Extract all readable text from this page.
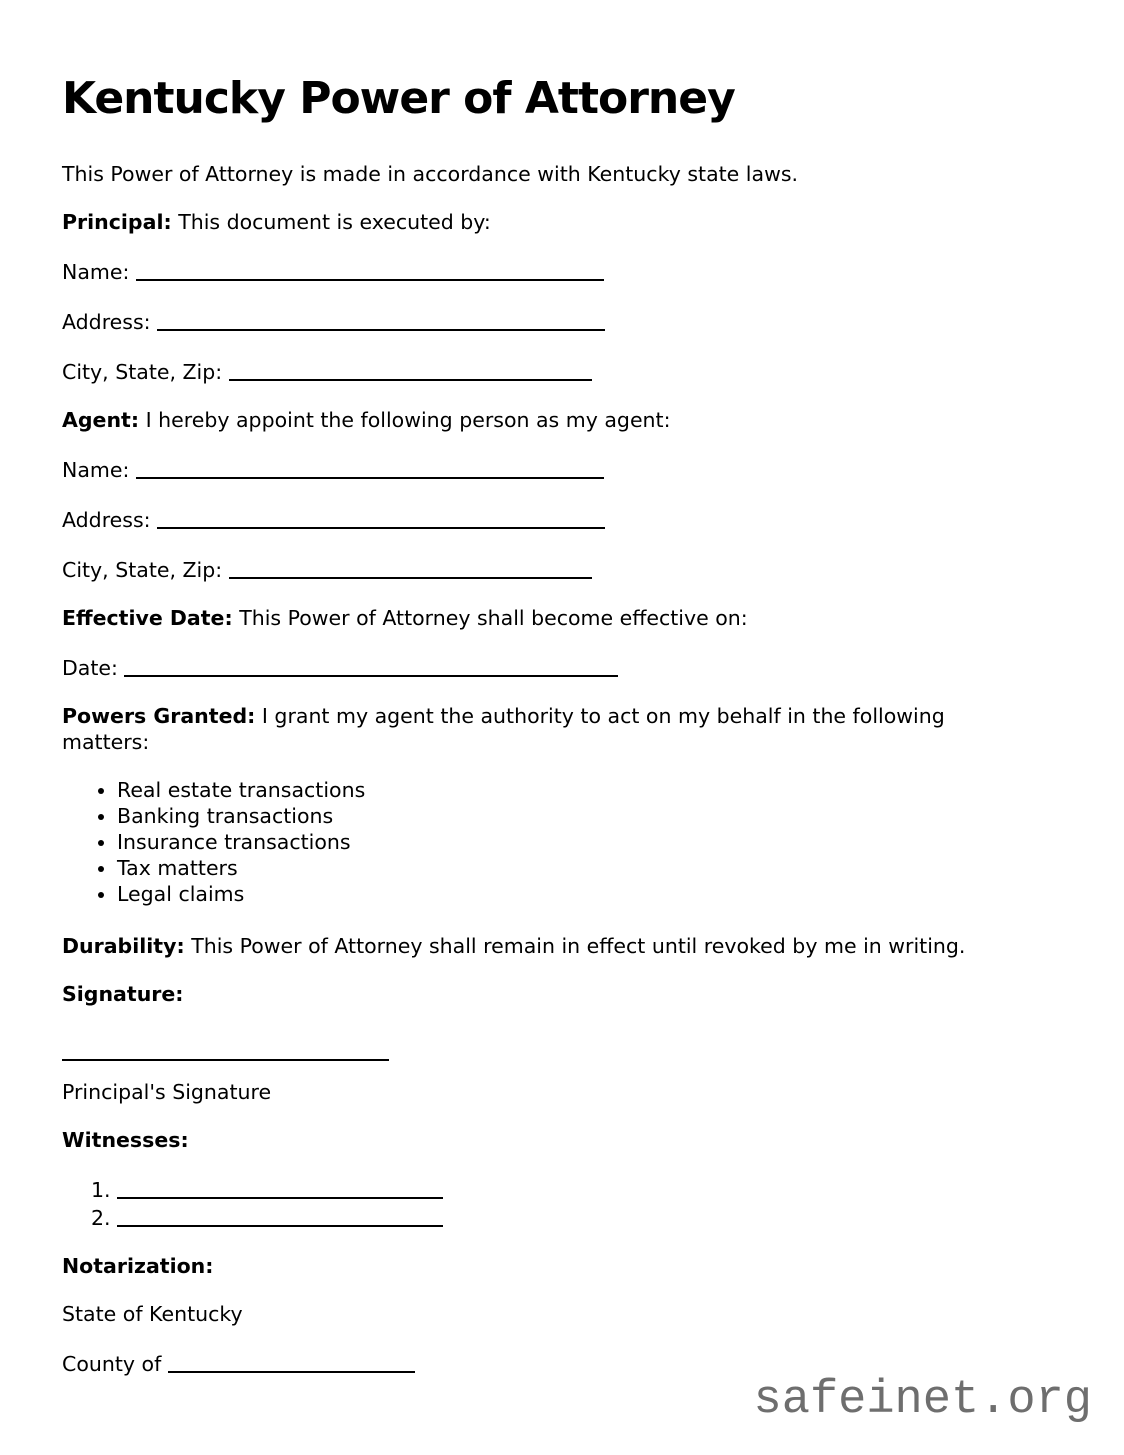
Kentucky Power of Attorney

This Power of Attorney is made in accordance with Kentucky state laws.

Principal: This document is executed by:

Name:

Address:

City, State, Zip:

Agent: I hereby appoint the following person as my agent:

Name:

Address:

City, State, Zip:

Effective Date: This Power of Attorney shall become effective on:

Date:

Powers Granted: I grant my agent the authority to act on my behalf in the following matters:

• Real estate transactions
• Banking transactions
• Insurance transactions
• Tax matters
• Legal claims

Durability: This Power of Attorney shall remain in effect until revoked by me in writing.

Signature:

Principal's Signature

Witnesses:

1.
2.

Notarization:

State of Kentucky

County of

safeinet.org
